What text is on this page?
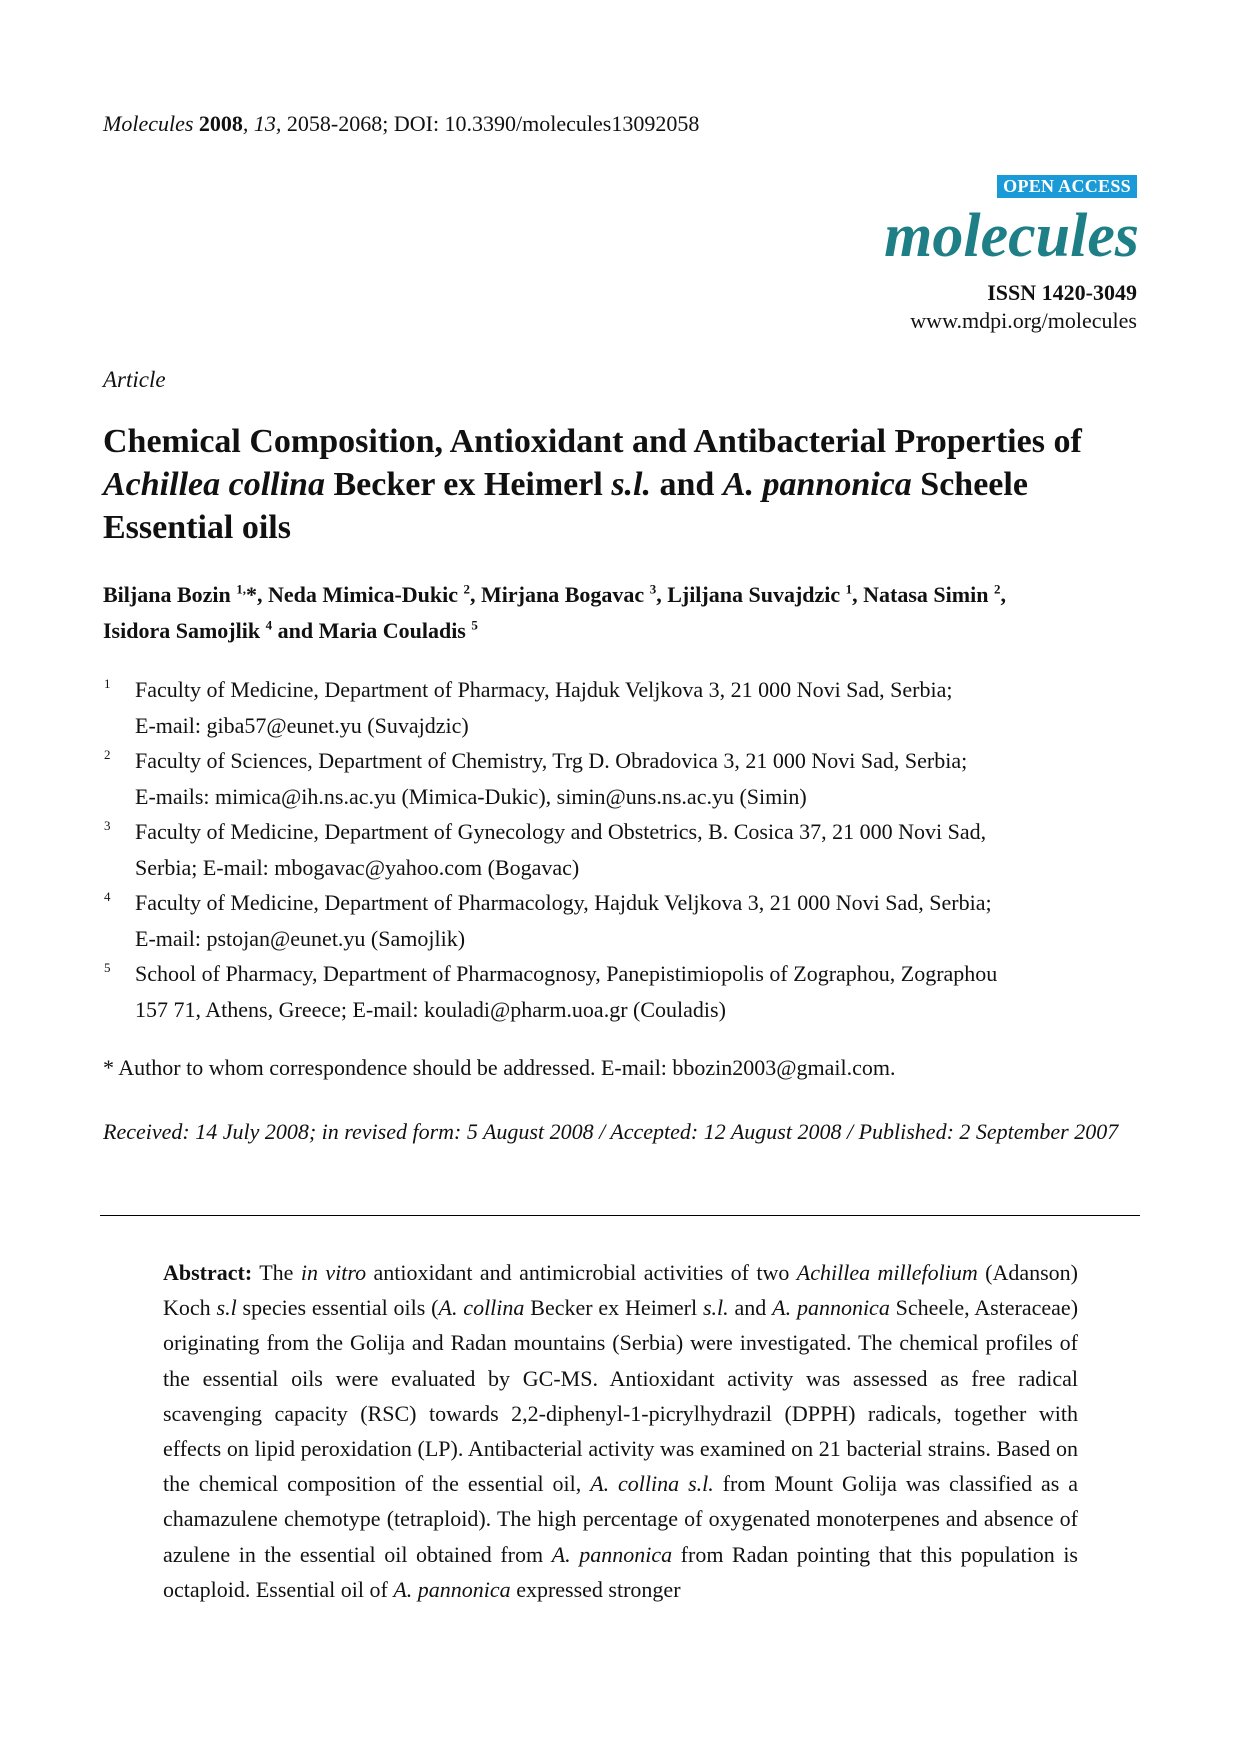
Molecules 2008, 13, 2058-2068; DOI: 10.3390/molecules13092058
OPEN ACCESS
molecules
ISSN 1420-3049
www.mdpi.org/molecules
Article
Chemical Composition, Antioxidant and Antibacterial Properties of Achillea collina Becker ex Heimerl s.l. and A. pannonica Scheele Essential oils
Biljana Bozin $^{1,}$*, Neda Mimica-Dukic $^2$, Mirjana Bogavac $^3$, Ljiljana Suvajdzic $^1$, Natasa Simin $^2$,
Isidora Samojlik $^4$ and Maria Couladis $^5$
1 Faculty of Medicine, Department of Pharmacy, Hajduk Veljkova 3, 21 000 Novi Sad, Serbia;
E-mail: giba57@eunet.yu (Suvajdzic)
2 Faculty of Sciences, Department of Chemistry, Trg D. Obradovica 3, 21 000 Novi Sad, Serbia;
E-mails: mimica@ih.ns.ac.yu (Mimica-Dukic), simin@uns.ns.ac.yu (Simin)
3 Faculty of Medicine, Department of Gynecology and Obstetrics, B. Cosica 37, 21 000 Novi Sad,
Serbia; E-mail: mbogavac@yahoo.com (Bogavac)
4 Faculty of Medicine, Department of Pharmacology, Hajduk Veljkova 3, 21 000 Novi Sad, Serbia;
E-mail: pstojan@eunet.yu (Samojlik)
5 School of Pharmacy, Department of Pharmacognosy, Panepistimiopolis of Zographou, Zographou
157 71, Athens, Greece; E-mail: kouladi@pharm.uoa.gr (Couladis)
* Author to whom correspondence should be addressed. E-mail: bbozin2003@gmail.com.
Received: 14 July 2008; in revised form: 5 August 2008 / Accepted: 12 August 2008 / Published: 2 September 2007
Abstract: The in vitro antioxidant and antimicrobial activities of two Achillea millefolium (Adanson) Koch s.l species essential oils (A. collina Becker ex Heimerl s.l. and A. pannonica Scheele, Asteraceae) originating from the Golija and Radan mountains (Serbia) were investigated. The chemical profiles of the essential oils were evaluated by GC-MS. Antioxidant activity was assessed as free radical scavenging capacity (RSC) towards 2,2-diphenyl-1-picrylhydrazil (DPPH) radicals, together with effects on lipid peroxidation (LP). Antibacterial activity was examined on 21 bacterial strains. Based on the chemical composition of the essential oil, A. collina s.l. from Mount Golija was classified as a chamazulene chemotype (tetraploid). The high percentage of oxygenated monoterpenes and absence of azulene in the essential oil obtained from A. pannonica from Radan pointing that this population is octaploid. Essential oil of A. pannonica expressed stronger
